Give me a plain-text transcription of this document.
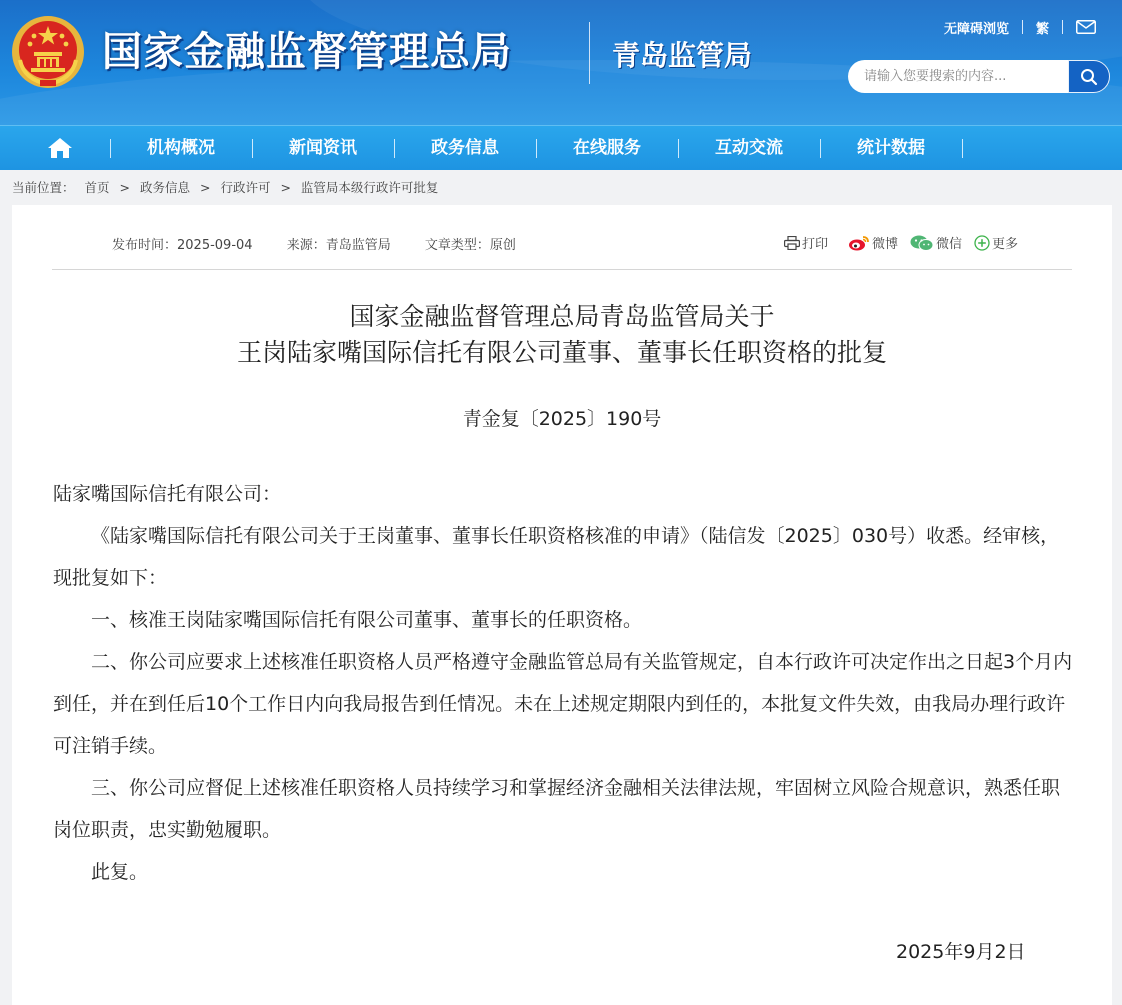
国家金融监督管理总局	青岛监管局
无障碍浏览 繁
请输入您要搜索的内容...
机构概况	新闻资讯	政务信息	在线服务	互动交流	统计数据
当前位置： 首页 > 政务信息 > 行政许可 > 监管局本级行政许可批复
发布时间：2025-09-04	来源：青岛监管局	文章类型：原创	打印	微博	微信 更多
国家金融监督管理总局青岛监管局关于
王岗陆家嘴国际信托有限公司董事、董事长任职资格的批复
青金复〔2025〕190号

陆家嘴国际信托有限公司：

《陆家嘴国际信托有限公司关于王岗董事、董事长任职资格核准的申请》（陆信发〔2025〕030号）收悉。经审核，现批复如下：

一、核准王岗陆家嘴国际信托有限公司董事、董事长的任职资格。

二、你公司应要求上述核准任职资格人员严格遵守金融监管总局有关监管规定，自本行政许可决定作出之日起3个月内到任，并在到任后10个工作日内向我局报告到任情况。未在上述规定期限内到任的，本批复文件失效，由我局办理行政许可注销手续。

三、你公司应督促上述核准任职资格人员持续学习和掌握经济金融相关法律法规，牢固树立风险合规意识，熟悉任职岗位职责，忠实勤勉履职。

此复。

2025年9月2日
